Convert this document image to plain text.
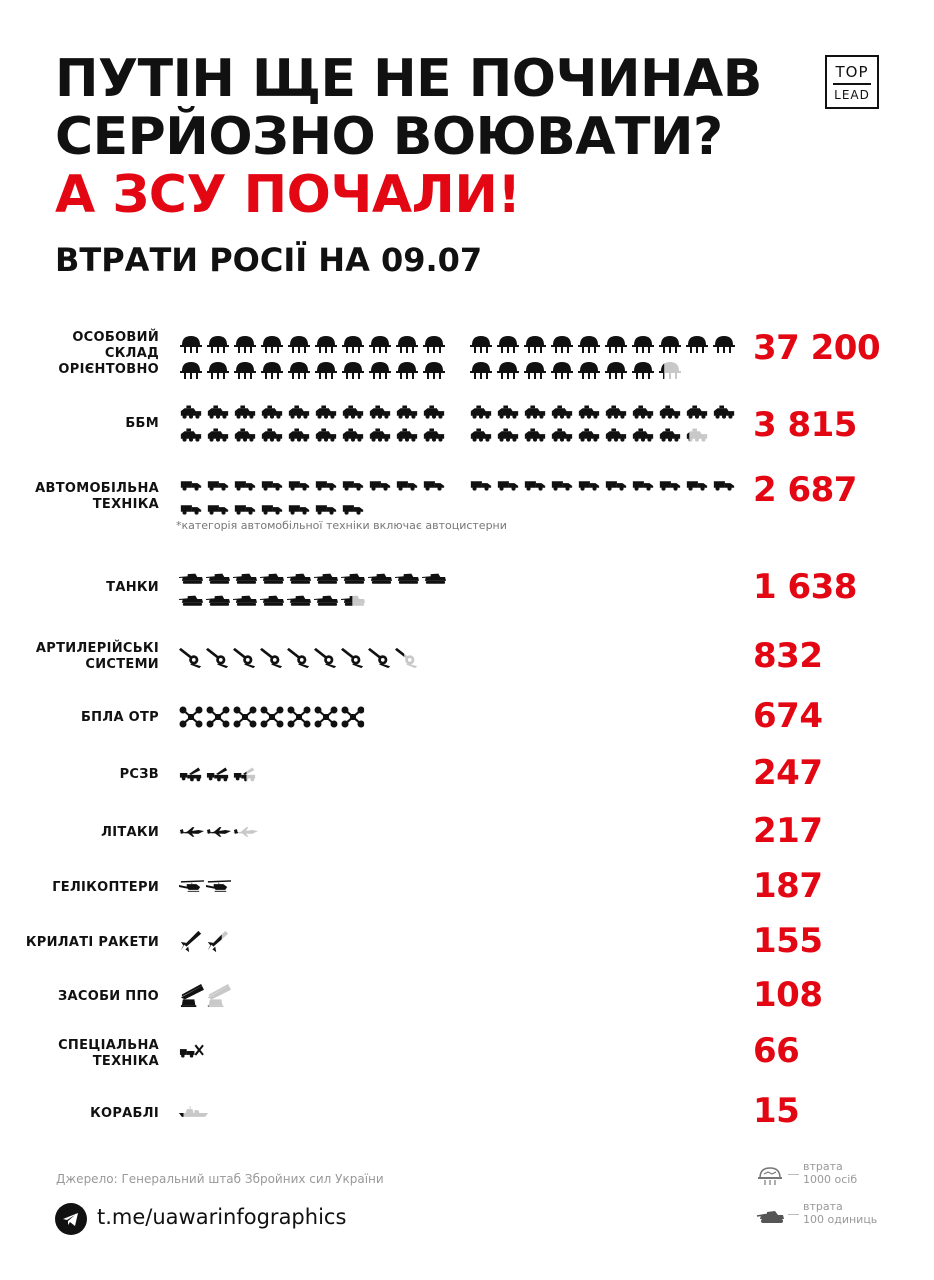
ПУТІН ЩЕ НЕ ПОЧИНАВ
СЕРЙОЗНО ВОЮВАТИ?
А ЗСУ ПОЧАЛИ!
TOP
LEAD
ВТРАТИ РОСІЇ НА 09.07
ОСОБОВИЙ
СКЛАД
ОРІЄНТОВНО
37 200
ББМ	3 815
АВТОМОБІЛЬНА
ТЕХНІКА	2 687
*категорія автомобільної техніки включає автоцистерни
ТАНКИ	1 638
АРТИЛЕРІЙСЬКІ
СИСТЕМИ	832
БПЛА ОТР	674
РСЗВ	247
ЛІТАКИ	217
ГЕЛІКОПТЕРИ	187
КРИЛАТІ РАКЕТИ	155
ЗАСОБИ ППО	108
СПЕЦІАЛЬНА
ТЕХНІКА	66
КОРАБЛІ	15
Джерело: Генеральний штаб Збройних сил України
t.me/uawarinfographics
втрата
1000 осіб
втрата
100 одиниць
